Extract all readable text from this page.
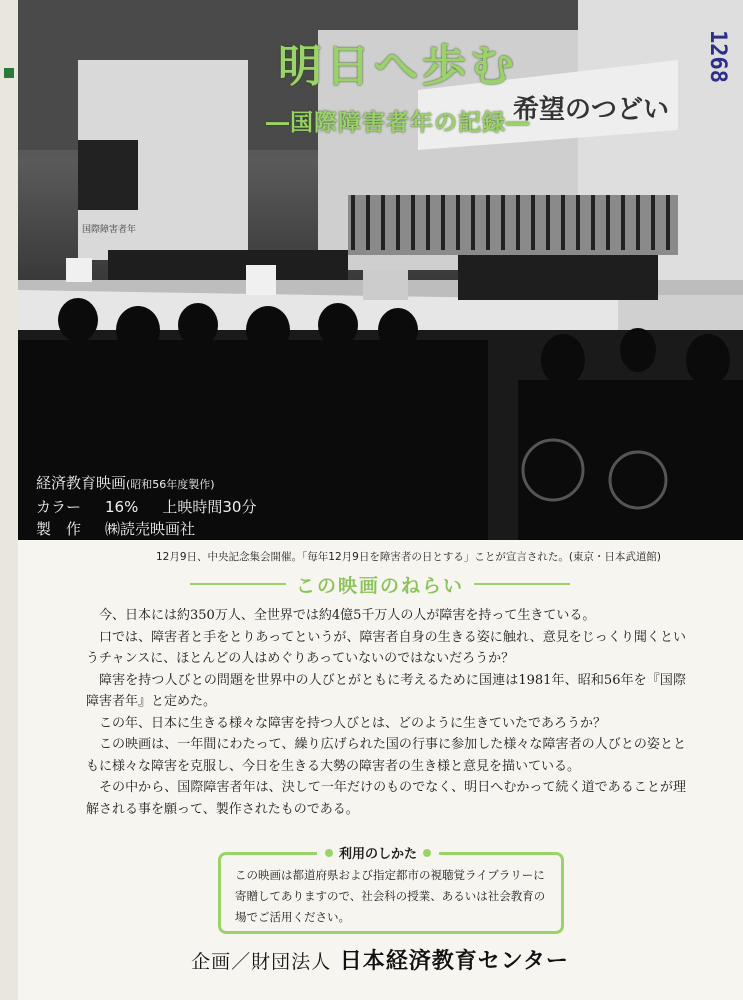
希望のつどい
国際障害者年
明日へ歩む
―国際障害者年の記録―
1268
経済教育映画(昭和56年度製作)
カラー 16% 上映時間30分
製　作 ㈱読売映画社
12月9日、中央記念集会開催。「毎年12月9日を障害者の日とする」ことが宣言された。(東京・日本武道館)
この映画のねらい

今、日本には約350万人、全世界では約4億5千万人の人が障害を持って生きている。

口では、障害者と手をとりあってというが、障害者自身の生きる姿に触れ、意見をじっくり聞くというチャンスに、ほとんどの人はめぐりあっていないのではないだろうか？

障害を持つ人びとの問題を世界中の人びとがともに考えるために国連は1981年、昭和56年を『国際障害者年』と定めた。

この年、日本に生きる様々な障害を持つ人びとは、どのように生きていたであろうか？

この映画は、一年間にわたって、繰り広げられた国の行事に参加した様々な障害者の人びとの姿とともに様々な障害を克服し、今日を生きる大勢の障害者の生き様と意見を描いている。

その中から、国際障害者年は、決して一年だけのものでなく、明日へむかって続く道であることが理解される事を願って、製作されたものである。

利用のしかた
この映画は都道府県および指定都市の視聴覚ライブラリーに寄贈してありますので、社会科の授業、あるいは社会教育の場でご活用ください。
企画／財団法人 日本経済教育センター
